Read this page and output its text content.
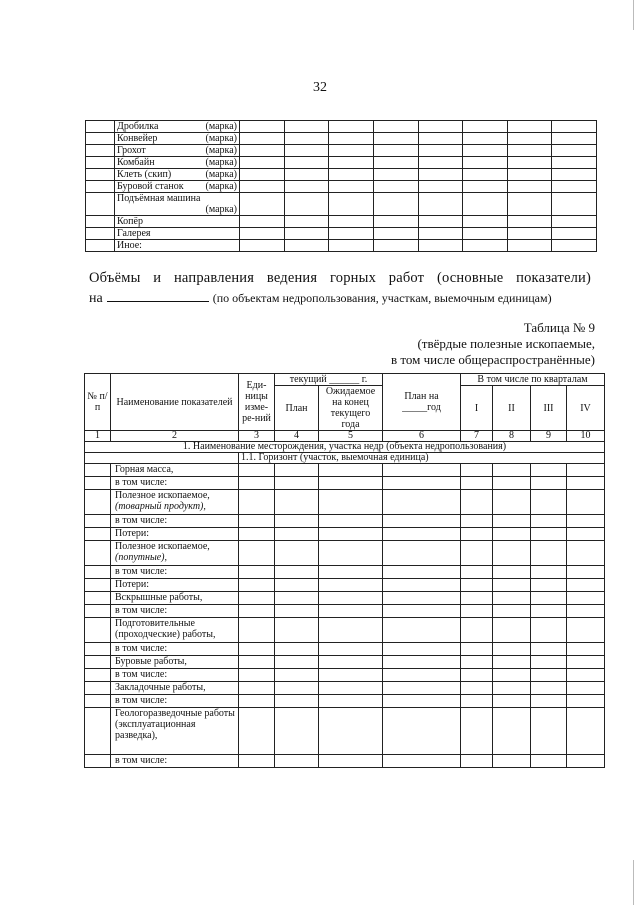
32

	Дробилка (марка)								

	Конвейер (марка)								

	Грохот (марка)								

	Комбайн (марка)								

	Клеть (скип) (марка)								

	Буровой станок (марка)								

	Подъёмная машина
(марка)								

	Копёр								

	Галерея								

	Иное:								

Объёмы и направления ведения горных работ (основные показатели)
на	(по объектам недропользования, участкам, выемочным единицам)
Таблица № 9
(твёрдые полезные ископаемые,
в том числе общераспространённые)
№ п/п	Наименование показателей	Еди-ницы изме-ре-ний	текущий ______ г.		План на _____год	В том числе по кварталам			
			План	Ожидаемое на конец текущего года		I	II	III	IV

1	2	3	4	5	6	7	8	9	10
1. Наименование месторождения, участка недр (объекта недропользования)									
		1.1. Горизонт (участок, выемочная единица)							
	Горная масса,								
	в том числе:								
	Полезное ископаемое, (товарный продукт),								
	в том числе:								
	Потери:								
	Полезное ископаемое, (попутные),								
	в том числе:								
	Потери:								
	Вскрышные работы,								
	в том числе:								
	Подготовительные (проходческие) работы,								
	в том числе:								
	Буровые работы,								
	в том числе:								
	Закладочные работы,								
	в том числе:								
	Геологоразведочные работы (эксплуатационная разведка),								
	в том числе:								
